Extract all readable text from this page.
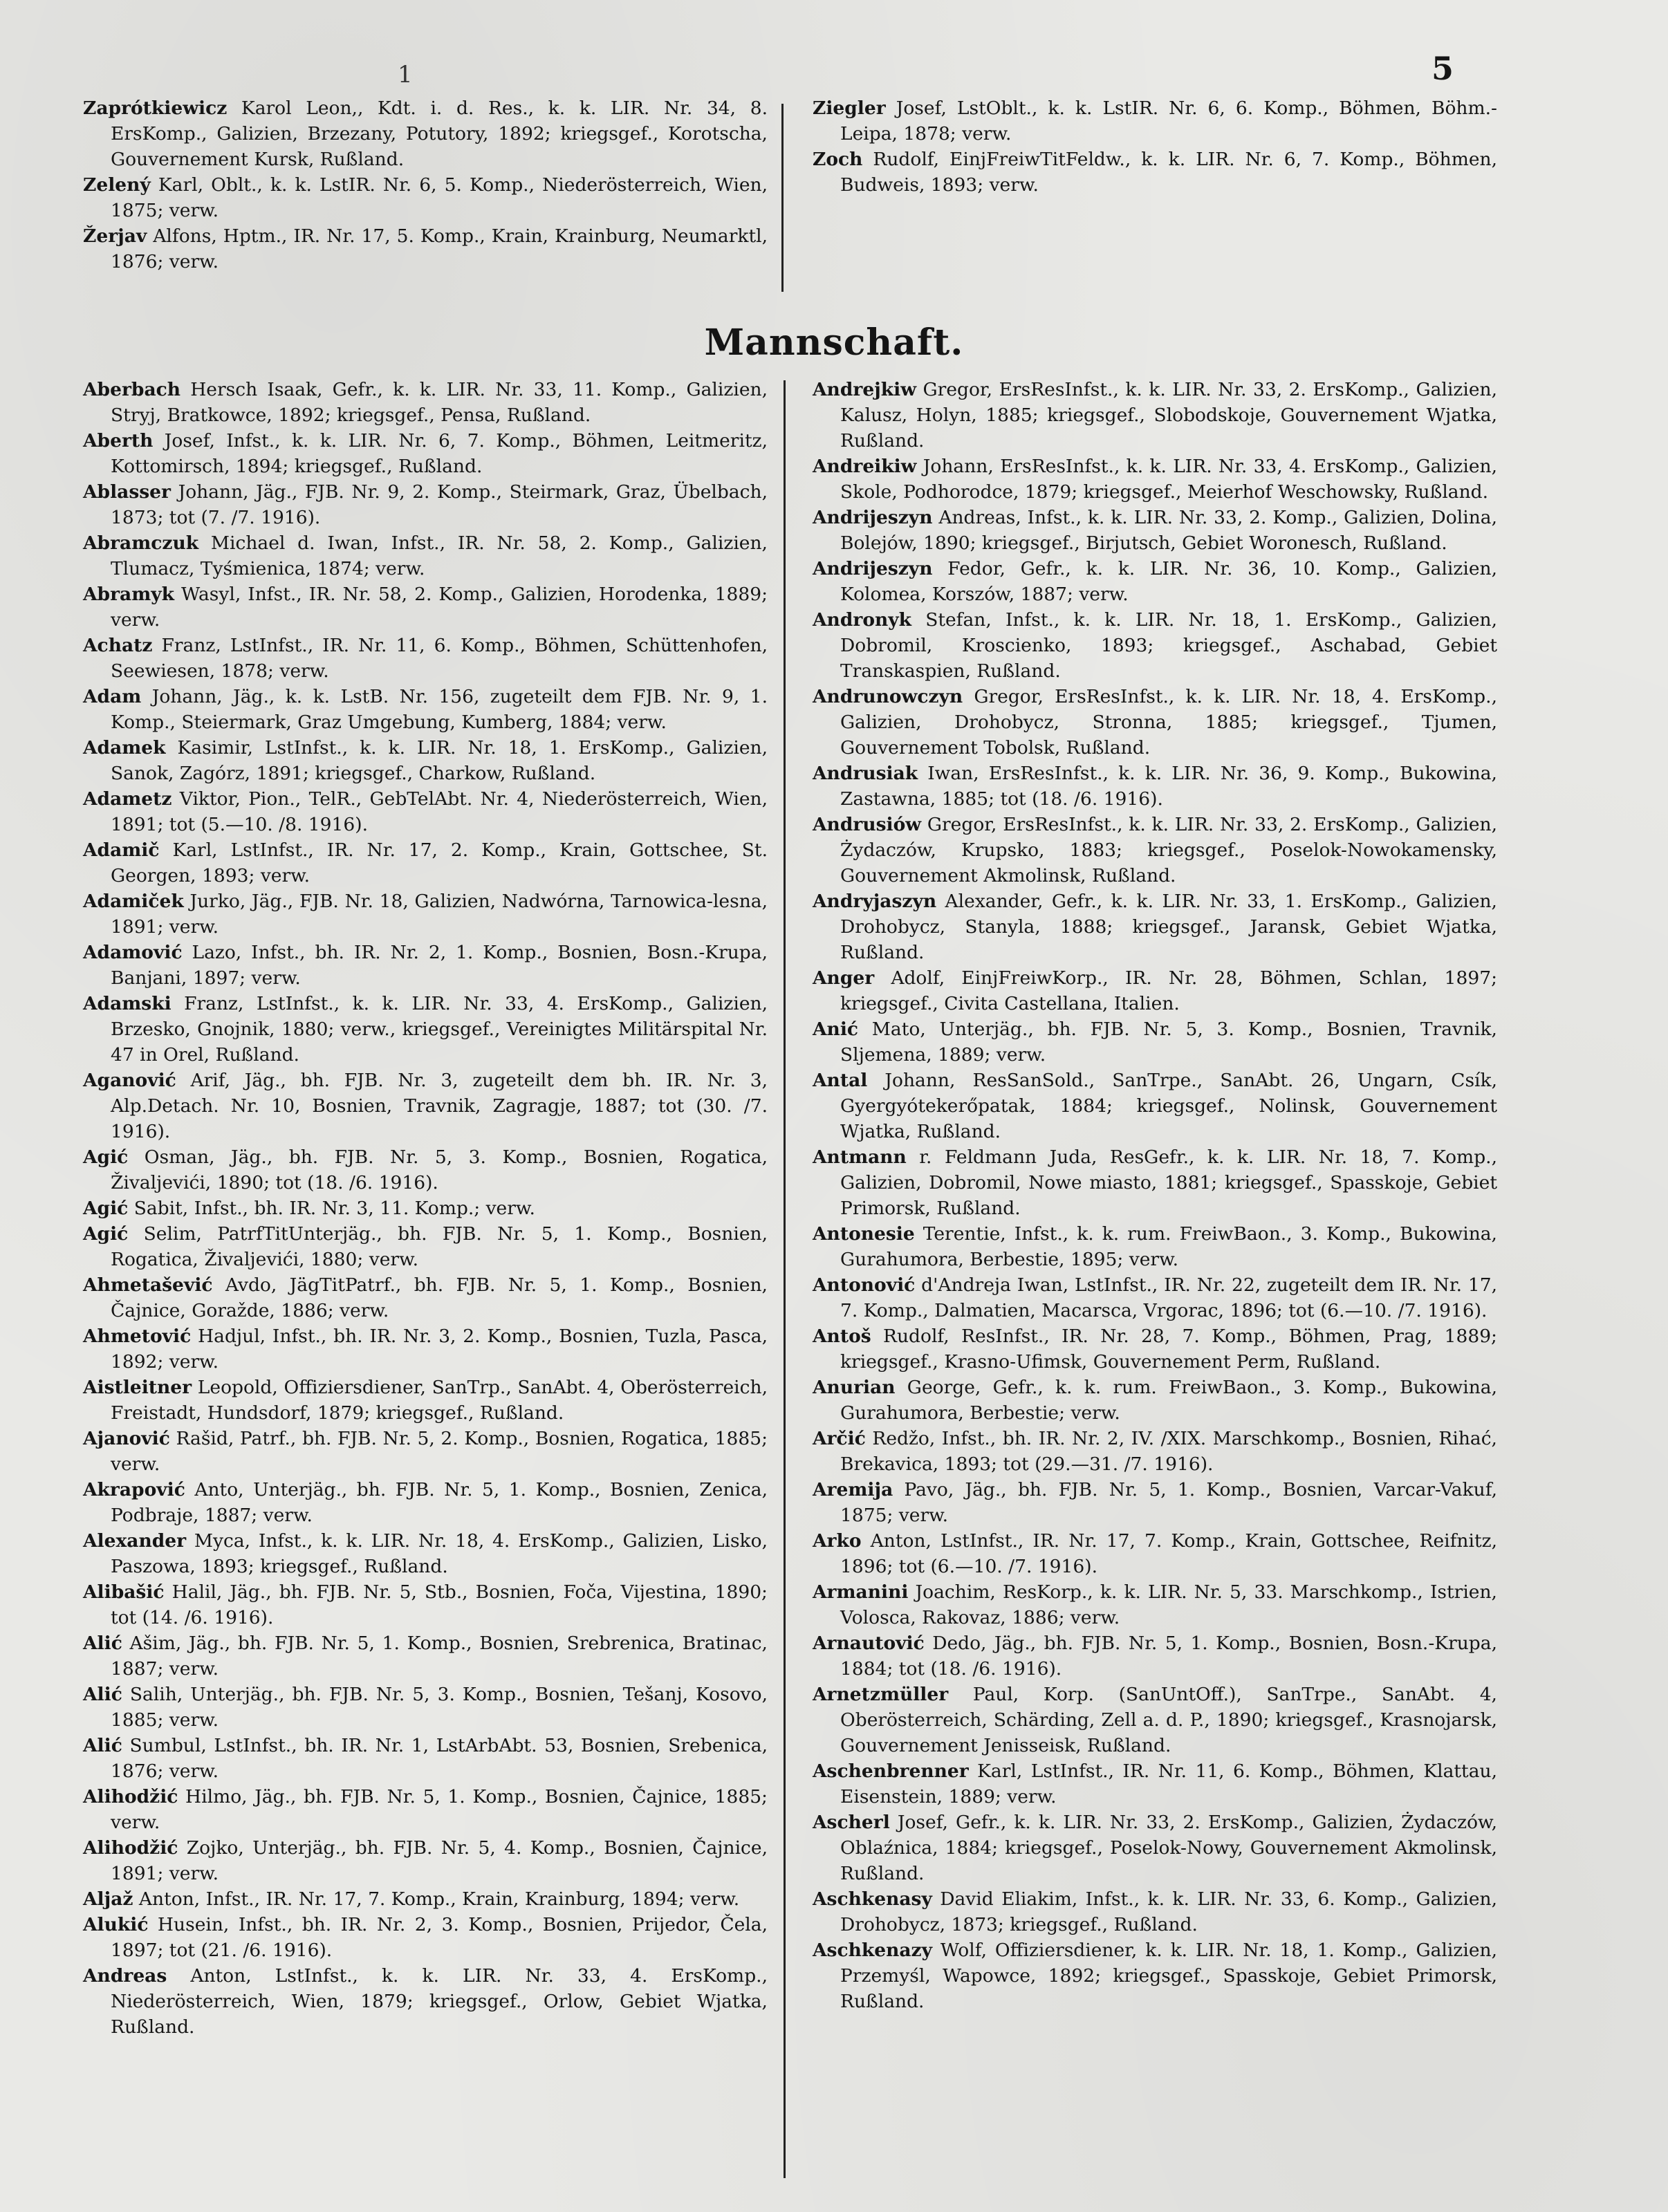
1	5

Zaprótkiewicz Karol Leon,, Kdt. i. d. Res., k. k. LIR. Nr. 34, 8. ErsKomp., Galizien, Brzezany, Potutory, 1892; kriegsgef., Korotscha, Gouvernement Kursk, Rußland.

Zelený Karl, Oblt., k. k. LstIR. Nr. 6, 5. Komp., Niederösterreich, Wien, 1875; verw.

Žerjav Alfons, Hptm., IR. Nr. 17, 5. Komp., Krain, Krainburg, Neumarktl, 1876; verw.

Ziegler Josef, LstOblt., k. k. LstIR. Nr. 6, 6. Komp., Böhmen, Böhm.-Leipa, 1878; verw.

Zoch Rudolf, EinjFreiwTitFeldw., k. k. LIR. Nr. 6, 7. Komp., Böhmen, Budweis, 1893; verw.

Mannschaft.

Aberbach Hersch Isaak, Gefr., k. k. LIR. Nr. 33, 11. Komp., Galizien, Stryj, Bratkowce, 1892; kriegsgef., Pensa, Rußland.

Aberth Josef, Infst., k. k. LIR. Nr. 6, 7. Komp., Böhmen, Leitmeritz, Kottomirsch, 1894; kriegsgef., Rußland.

Ablasser Johann, Jäg., FJB. Nr. 9, 2. Komp., Steirmark, Graz, Übelbach, 1873; tot (7. /7. 1916).

Abramczuk Michael d. Iwan, Infst., IR. Nr. 58, 2. Komp., Galizien, Tlumacz, Tyśmienica, 1874; verw.

Abramyk Wasyl, Infst., IR. Nr. 58, 2. Komp., Galizien, Horodenka, 1889; verw.

Achatz Franz, LstInfst., IR. Nr. 11, 6. Komp., Böhmen, Schüttenhofen, Seewiesen, 1878; verw.

Adam Johann, Jäg., k. k. LstB. Nr. 156, zugeteilt dem FJB. Nr. 9, 1. Komp., Steiermark, Graz Umgebung, Kumberg, 1884; verw.

Adamek Kasimir, LstInfst., k. k. LIR. Nr. 18, 1. ErsKomp., Galizien, Sanok, Zagórz, 1891; kriegsgef., Charkow, Rußland.

Adametz Viktor, Pion., TelR., GebTelAbt. Nr. 4, Niederösterreich, Wien, 1891; tot (5.—10. /8. 1916).

Adamič Karl, LstInfst., IR. Nr. 17, 2. Komp., Krain, Gottschee, St. Georgen, 1893; verw.

Adamiček Jurko, Jäg., FJB. Nr. 18, Galizien, Nadwórna, Tarnowica-lesna, 1891; verw.

Adamović Lazo, Infst., bh. IR. Nr. 2, 1. Komp., Bosnien, Bosn.-Krupa, Banjani, 1897; verw.

Adamski Franz, LstInfst., k. k. LIR. Nr. 33, 4. ErsKomp., Galizien, Brzesko, Gnojnik, 1880; verw., kriegsgef., Vereinigtes Militärspital Nr. 47 in Orel, Rußland.

Aganović Arif, Jäg., bh. FJB. Nr. 3, zugeteilt dem bh. IR. Nr. 3, Alp.Detach. Nr. 10, Bosnien, Travnik, Zagragje, 1887; tot (30. /7. 1916).

Agić Osman, Jäg., bh. FJB. Nr. 5, 3. Komp., Bosnien, Rogatica, Živaljevići, 1890; tot (18. /6. 1916).

Agić Sabit, Infst., bh. IR. Nr. 3, 11. Komp.; verw.

Agić Selim, PatrfTitUnterjäg., bh. FJB. Nr. 5, 1. Komp., Bosnien, Rogatica, Živaljevići, 1880; verw.

Ahmetašević Avdo, JägTitPatrf., bh. FJB. Nr. 5, 1. Komp., Bosnien, Čajnice, Goražde, 1886; verw.

Ahmetović Hadjul, Infst., bh. IR. Nr. 3, 2. Komp., Bosnien, Tuzla, Pasca, 1892; verw.

Aistleitner Leopold, Offiziersdiener, SanTrp., SanAbt. 4, Oberösterreich, Freistadt, Hundsdorf, 1879; kriegsgef., Rußland.

Ajanović Rašid, Patrf., bh. FJB. Nr. 5, 2. Komp., Bosnien, Rogatica, 1885; verw.

Akrapović Anto, Unterjäg., bh. FJB. Nr. 5, 1. Komp., Bosnien, Zenica, Podbraje, 1887; verw.

Alexander Myca, Infst., k. k. LIR. Nr. 18, 4. ErsKomp., Galizien, Lisko, Paszowa, 1893; kriegsgef., Rußland.

Alibašić Halil, Jäg., bh. FJB. Nr. 5, Stb., Bosnien, Foča, Vijestina, 1890; tot (14. /6. 1916).

Alić Ašim, Jäg., bh. FJB. Nr. 5, 1. Komp., Bosnien, Srebrenica, Bratinac, 1887; verw.

Alić Salih, Unterjäg., bh. FJB. Nr. 5, 3. Komp., Bosnien, Tešanj, Kosovo, 1885; verw.

Alić Sumbul, LstInfst., bh. IR. Nr. 1, LstArbAbt. 53, Bosnien, Srebenica, 1876; verw.

Alihodžić Hilmo, Jäg., bh. FJB. Nr. 5, 1. Komp., Bosnien, Čajnice, 1885; verw.

Alihodžić Zojko, Unterjäg., bh. FJB. Nr. 5, 4. Komp., Bosnien, Čajnice, 1891; verw.

Aljaž Anton, Infst., IR. Nr. 17, 7. Komp., Krain, Krainburg, 1894; verw.

Alukić Husein, Infst., bh. IR. Nr. 2, 3. Komp., Bosnien, Prijedor, Čela, 1897; tot (21. /6. 1916).

Andreas Anton, LstInfst., k. k. LIR. Nr. 33, 4. ErsKomp., Niederösterreich, Wien, 1879; kriegsgef., Orlow, Gebiet Wjatka, Rußland.

Andrejkiw Gregor, ErsResInfst., k. k. LIR. Nr. 33, 2. ErsKomp., Galizien, Kalusz, Holyn, 1885; kriegsgef., Slobodskoje, Gouvernement Wjatka, Rußland.

Andreikiw Johann, ErsResInfst., k. k. LIR. Nr. 33, 4. ErsKomp., Galizien, Skole, Podhorodce, 1879; kriegsgef., Meierhof Weschowsky, Rußland.

Andrijeszyn Andreas, Infst., k. k. LIR. Nr. 33, 2. Komp., Galizien, Dolina, Bolejów, 1890; kriegsgef., Birjutsch, Gebiet Woronesch, Rußland.

Andrijeszyn Fedor, Gefr., k. k. LIR. Nr. 36, 10. Komp., Galizien, Kolomea, Korszów, 1887; verw.

Andronyk Stefan, Infst., k. k. LIR. Nr. 18, 1. ErsKomp., Galizien, Dobromil, Kroscienko, 1893; kriegsgef., Aschabad, Gebiet Transkaspien, Rußland.

Andrunowczyn Gregor, ErsResInfst., k. k. LIR. Nr. 18, 4. ErsKomp., Galizien, Drohobycz, Stronna, 1885; kriegsgef., Tjumen, Gouvernement Tobolsk, Rußland.

Andrusiak Iwan, ErsResInfst., k. k. LIR. Nr. 36, 9. Komp., Bukowina, Zastawna, 1885; tot (18. /6. 1916).

Andrusiów Gregor, ErsResInfst., k. k. LIR. Nr. 33, 2. ErsKomp., Galizien, Żydaczów, Krupsko, 1883; kriegsgef., Poselok-Nowokamensky, Gouvernement Akmolinsk, Rußland.

Andryjaszyn Alexander, Gefr., k. k. LIR. Nr. 33, 1. ErsKomp., Galizien, Drohobycz, Stanyla, 1888; kriegsgef., Jaransk, Gebiet Wjatka, Rußland.

Anger Adolf, EinjFreiwKorp., IR. Nr. 28, Böhmen, Schlan, 1897; kriegsgef., Civita Castellana, Italien.

Anić Mato, Unterjäg., bh. FJB. Nr. 5, 3. Komp., Bosnien, Travnik, Sljemena, 1889; verw.

Antal Johann, ResSanSold., SanTrpe., SanAbt. 26, Ungarn, Csík, Gyergyótekerőpatak, 1884; kriegsgef., Nolinsk, Gouvernement Wjatka, Rußland.

Antmann r. Feldmann Juda, ResGefr., k. k. LIR. Nr. 18, 7. Komp., Galizien, Dobromil, Nowe miasto, 1881; kriegsgef., Spasskoje, Gebiet Primorsk, Rußland.

Antonesie Terentie, Infst., k. k. rum. FreiwBaon., 3. Komp., Bukowina, Gurahumora, Berbestie, 1895; verw.

Antonović d'Andreja Iwan, LstInfst., IR. Nr. 22, zugeteilt dem IR. Nr. 17, 7. Komp., Dalmatien, Macarsca, Vrgorac, 1896; tot (6.—10. /7. 1916).

Antoš Rudolf, ResInfst., IR. Nr. 28, 7. Komp., Böhmen, Prag, 1889; kriegsgef., Krasno-Ufimsk, Gouvernement Perm, Rußland.

Anurian George, Gefr., k. k. rum. FreiwBaon., 3. Komp., Bukowina, Gurahumora, Berbestie; verw.

Arčić Redžo, Infst., bh. IR. Nr. 2, IV. /XIX. Marschkomp., Bosnien, Rihać, Brekavica, 1893; tot (29.—31. /7. 1916).

Aremija Pavo, Jäg., bh. FJB. Nr. 5, 1. Komp., Bosnien, Varcar-Vakuf, 1875; verw.

Arko Anton, LstInfst., IR. Nr. 17, 7. Komp., Krain, Gottschee, Reifnitz, 1896; tot (6.—10. /7. 1916).

Armanini Joachim, ResKorp., k. k. LIR. Nr. 5, 33. Marschkomp., Istrien, Volosca, Rakovaz, 1886; verw.

Arnautović Dedo, Jäg., bh. FJB. Nr. 5, 1. Komp., Bosnien, Bosn.-Krupa, 1884; tot (18. /6. 1916).

Arnetzmüller Paul, Korp. (SanUntOff.), SanTrpe., SanAbt. 4, Oberösterreich, Schärding, Zell a. d. P., 1890; kriegsgef., Krasnojarsk, Gouvernement Jenisseisk, Rußland.

Aschenbrenner Karl, LstInfst., IR. Nr. 11, 6. Komp., Böhmen, Klattau, Eisenstein, 1889; verw.

Ascherl Josef, Gefr., k. k. LIR. Nr. 33, 2. ErsKomp., Galizien, Żydaczów, Oblaźnica, 1884; kriegsgef., Poselok-Nowy, Gouvernement Akmolinsk, Rußland.

Aschkenasy David Eliakim, Infst., k. k. LIR. Nr. 33, 6. Komp., Galizien, Drohobycz, 1873; kriegsgef., Rußland.

Aschkenazy Wolf, Offiziersdiener, k. k. LIR. Nr. 18, 1. Komp., Galizien, Przemyśl, Wapowce, 1892; kriegsgef., Spasskoje, Gebiet Primorsk, Rußland.
